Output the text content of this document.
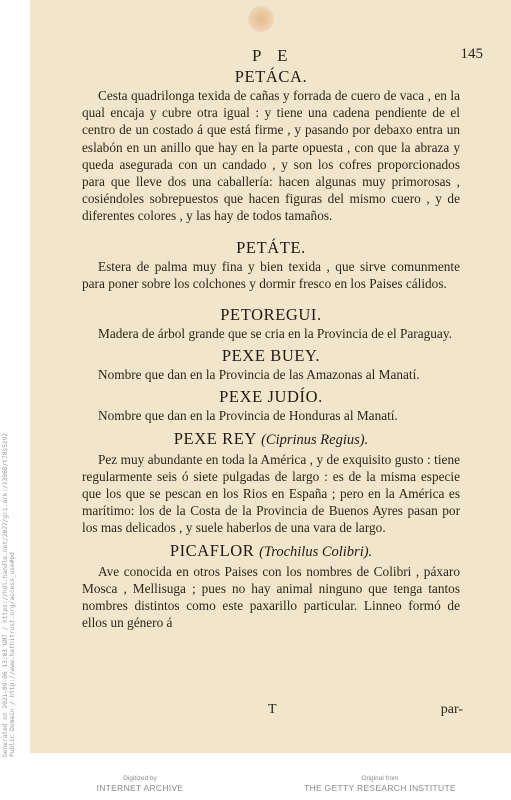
P E	145
PETÁCA.
Cesta quadrilonga texida de cañas y forrada de cuero de vaca , en la qual encaja y cubre otra igual : y tiene una cadena pendiente de el centro de un costado á que está firme , y pasando por debaxo entra un eslabón en un anillo que hay en la parte opuesta , con que la abraza y queda asegurada con un candado , y son los cofres proporcionados para que lleve dos una caballería: hacen algunas muy primorosas , cosiéndoles sobrepuestos que hacen figuras del mismo cuero , y de diferentes colores , y las hay de todos tamaños.
PETÁTE.
Estera de palma muy fina y bien texida , que sirve comunmente para poner sobre los colchones y dormir fresco en los Paises cálidos.
PETOREGUI.
Madera de árbol grande que se cria en la Provincia de el Paraguay.
PEXE BUEY.
Nombre que dan en la Provincia de las Amazonas al Manatí.
PEXE JUDÍO.
Nombre que dan en la Provincia de Honduras al Manatí.
PEXE REY (Ciprinus Regius).
Pez muy abundante en toda la América , y de exquisito gusto : tiene regularmente seis ó siete pulgadas de largo : es de la misma especie que los que se pescan en los Rios en España ; pero en la América es marítimo: los de la Costa de la Provincia de Buenos Ayres pasan por los mas delicados , y suele haberlos de una vara de largo.
PICAFLOR (Trochilus Colibri).
Ave conocida en otros Paises con los nombres de Colibri , páxaro Mosca , Mellisuga ; pues no hay animal ninguno que tenga tantos nombres distintos como este paxarillo particular. Linneo formó de ellos un género á
T	par-
Generated on 2021-09-06 13:03 GMT / https://hdl.handle.net/2027/gri.ark:/13960/t78s5z92 Public Domain / http://www.hathitrust.org/access_use#pd
Digitized by
INTERNET ARCHIVE
Original from
THE GETTY RESEARCH INSTITUTE
